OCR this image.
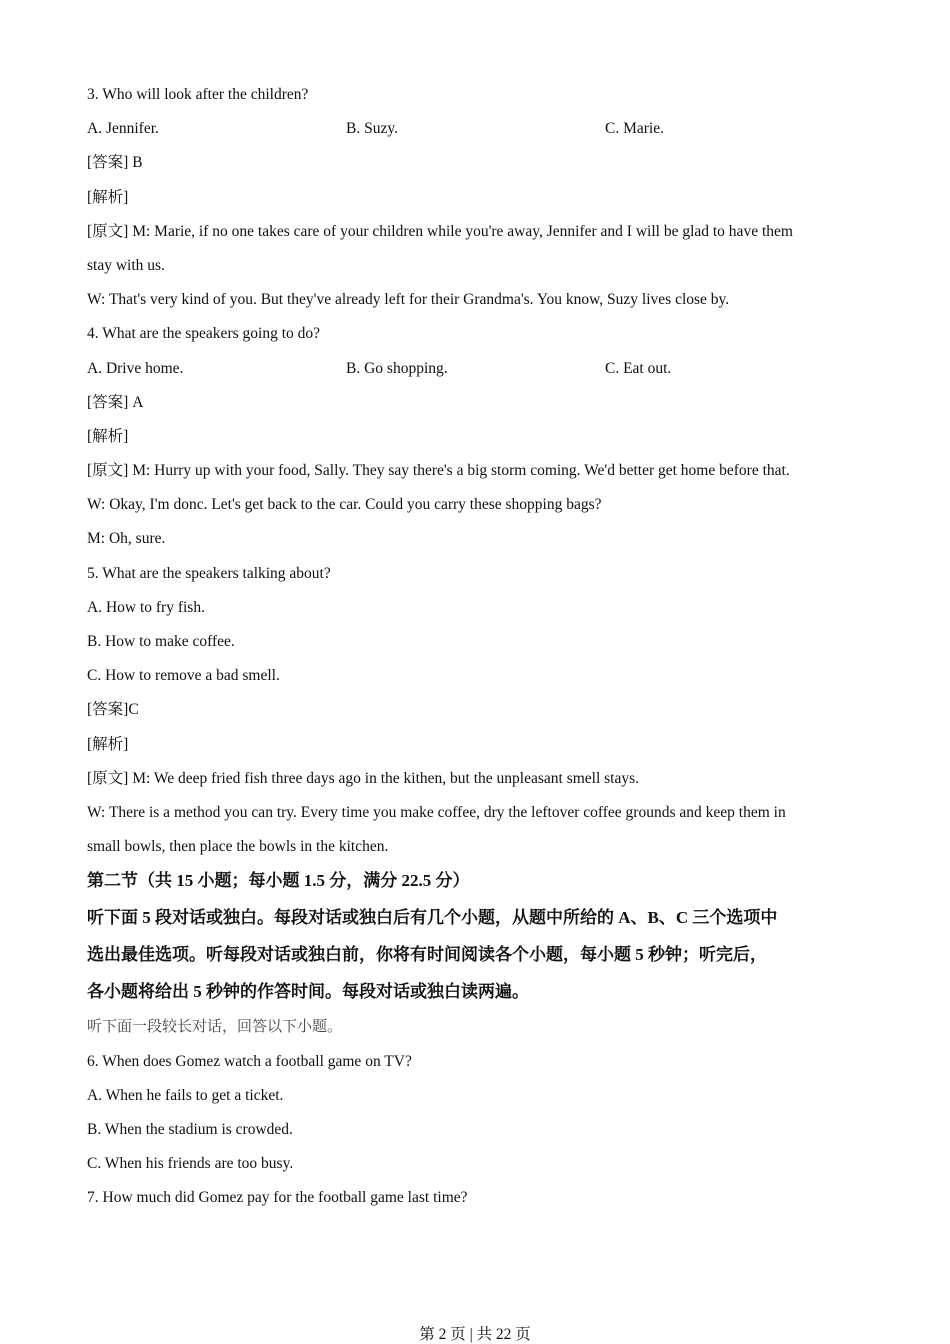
3. Who will look after the children?
A. Jennifer.	B. Suzy.	C. Marie.
[答案] B
[解析]
[原文] M: Marie, if no one takes care of your children while you're away, Jennifer and I will be glad to have them
stay with us.
W: That's very kind of you. But they've already left for their Grandma's. You know, Suzy lives close by.
4. What are the speakers going to do?
A. Drive home.	B. Go shopping.	C. Eat out.
[答案] A
[解析]
[原文] M: Hurry up with your food, Sally. They say there's a big storm coming. We'd better get home before that.
W: Okay, I'm donc. Let's get back to the car. Could you carry these shopping bags?
M: Oh, sure.
5. What are the speakers talking about?
A. How to fry fish.
B. How to make coffee.
C. How to remove a bad smell.
[答案]C
[解析]
[原文] M: We deep fried fish three days ago in the kithen, but the unpleasant smell stays.
W: There is a method you can try. Every time you make coffee, dry the leftover coffee grounds and keep them in
small bowls, then place the bowls in the kitchen.
第二节（共 15 小题；每小题 1.5 分，满分 22.5 分）
听下面 5 段对话或独白。每段对话或独白后有几个小题，从题中所给的 A、B、C 三个选项中
选出最佳选项。听每段对话或独白前，你将有时间阅读各个小题，每小题 5 秒钟；听完后，
各小题将给出 5 秒钟的作答时间。每段对话或独白读两遍。
听下面一段较长对话，回答以下小题。
6. When does Gomez watch a football game on TV?
A. When he fails to get a ticket.
B. When the stadium is crowded.
C. When his friends are too busy.
7. How much did Gomez pay for the football game last time?
第 2 页 | 共 22 页
